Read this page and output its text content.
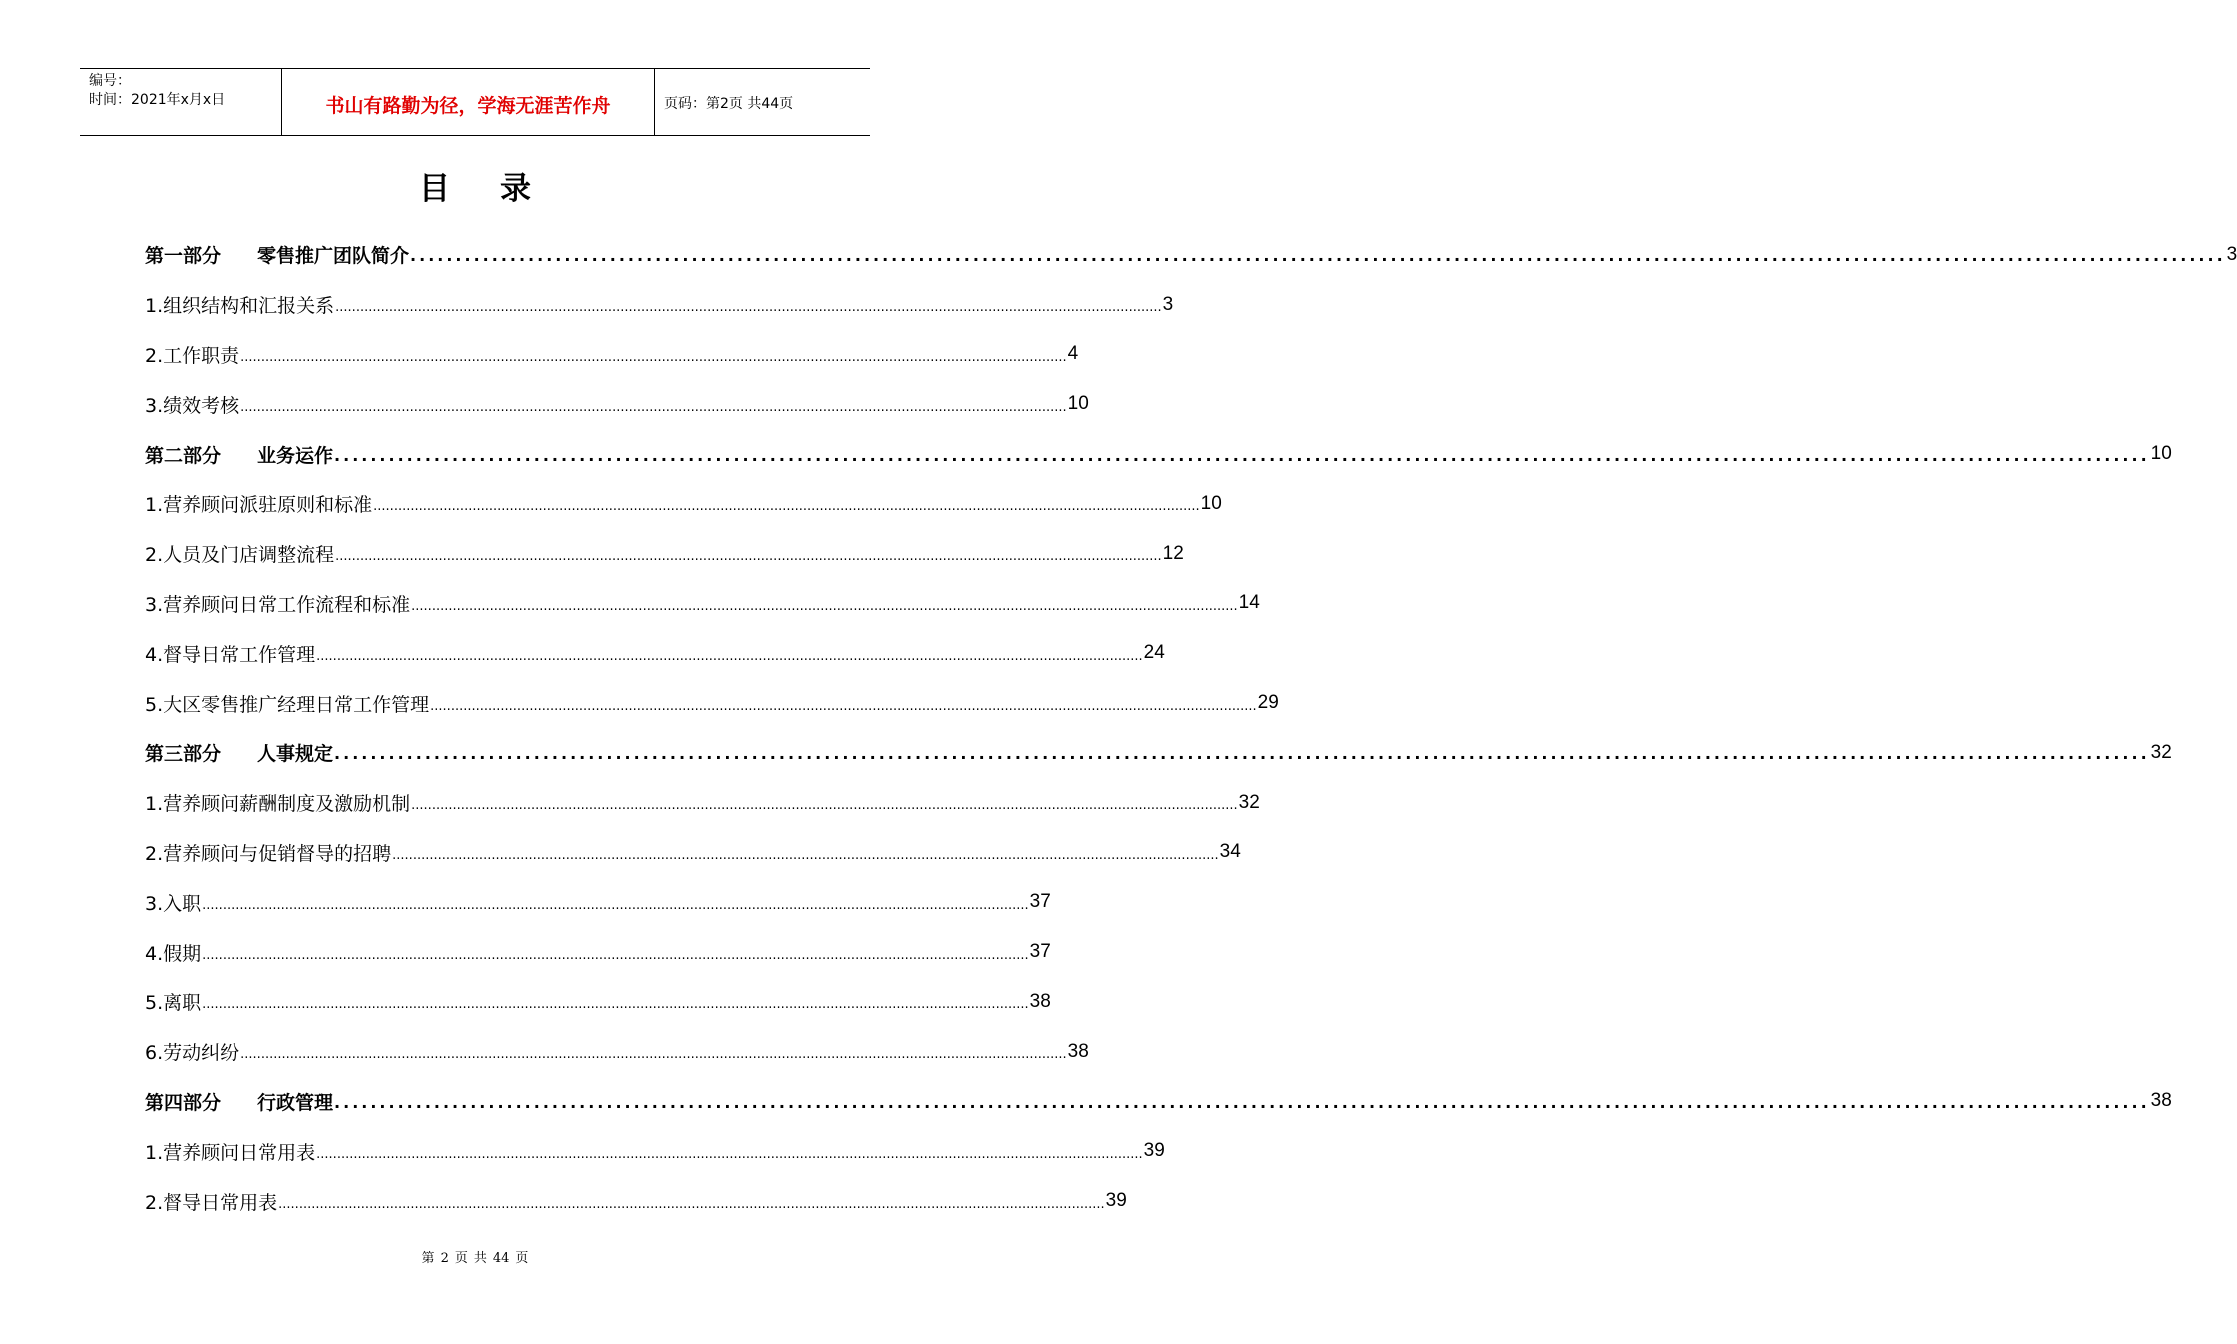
编号：
时间：2021年x月x日	书山有路勤为径，学海无涯苦作舟	页码：第2页 共44页
目录
第一部分 零售推广团队简介 ........................................................................................................................................................................................................ 3
1.组织结构和汇报关系 ........................................................................................................................................................................................................ 3
2.工作职责 ........................................................................................................................................................................................................ 4
3.绩效考核 ........................................................................................................................................................................................................ 10
第二部分 业务运作 ........................................................................................................................................................................................................ 10
1.营养顾问派驻原则和标准 ........................................................................................................................................................................................................ 10
2.人员及门店调整流程 ........................................................................................................................................................................................................ 12
3.营养顾问日常工作流程和标准 ........................................................................................................................................................................................................ 14
4.督导日常工作管理 ........................................................................................................................................................................................................ 24
5.大区零售推广经理日常工作管理 ........................................................................................................................................................................................................ 29
第三部分 人事规定 ........................................................................................................................................................................................................ 32
1.营养顾问薪酬制度及激励机制 ........................................................................................................................................................................................................ 32
2.营养顾问与促销督导的招聘 ........................................................................................................................................................................................................ 34
3.入职 ........................................................................................................................................................................................................ 37
4.假期 ........................................................................................................................................................................................................ 37
5.离职 ........................................................................................................................................................................................................ 38
6.劳动纠纷 ........................................................................................................................................................................................................ 38
第四部分 行政管理 ........................................................................................................................................................................................................ 38
1.营养顾问日常用表 ........................................................................................................................................................................................................ 39
2.督导日常用表 ........................................................................................................................................................................................................ 39
第 2 页 共 44 页
